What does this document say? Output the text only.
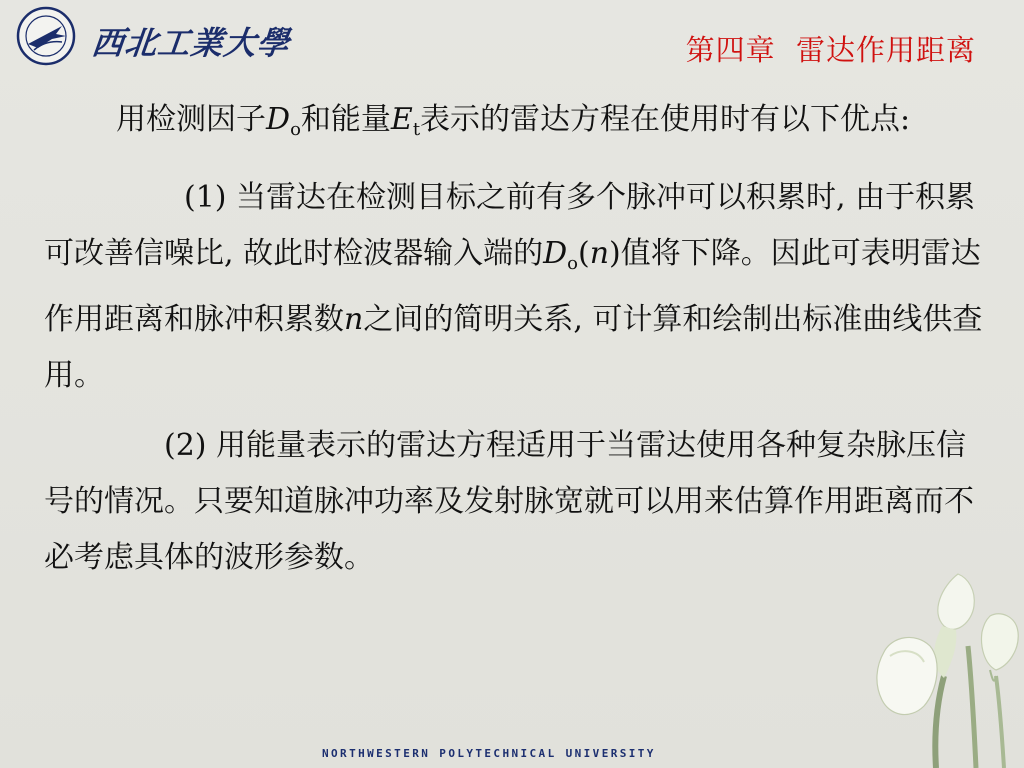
西北工業大學	第四章  雷达作用距离

用检测因子$D_o$和能量$E_t$表示的雷达方程在使用时有以下优点:

(1) 当雷达在检测目标之前有多个脉冲可以积累时, 由于积累可改善信噪比, 故此时检波器输入端的$D_o(n)$值将下降。因此可表明雷达作用距离和脉冲积累数n之间的简明关系, 可计算和绘制出标准曲线供查用。

(2) 用能量表示的雷达方程适用于当雷达使用各种复杂脉压信号的情况。只要知道脉冲功率及发射脉宽就可以用来估算作用距离而不必考虑具体的波形参数。

NORTHWESTERN POLYTECHNICAL UNIVERSITY
